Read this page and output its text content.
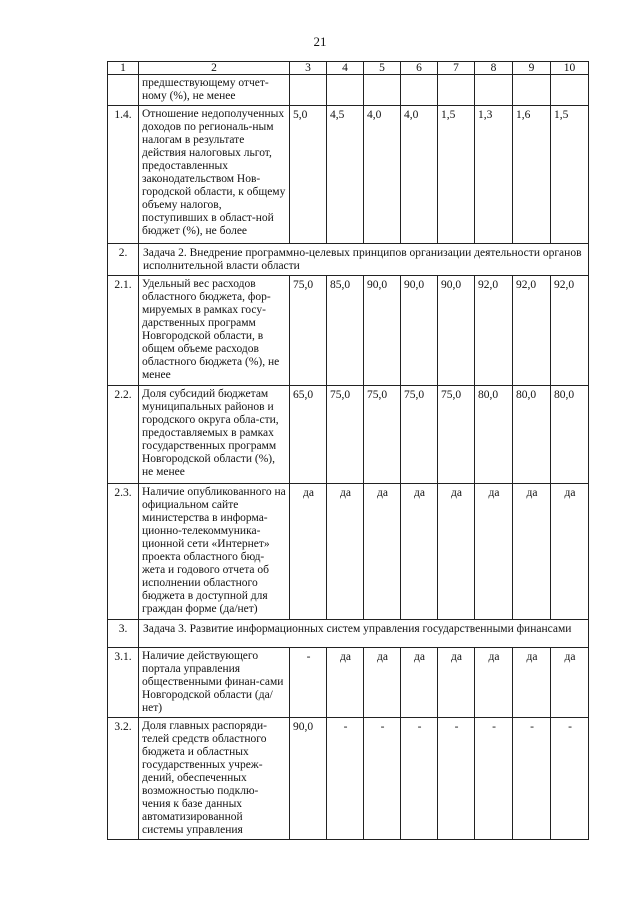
21
1	2	3	4	5	6	7	8	9	10
	предшествующему отчет-ному (%), не менее								
1.4.	Отношение недополученных доходов по региональ-ным налогам в результате действия налоговых льгот, предоставленных законодательством Нов-городской области, к общему объему налогов, поступивших в област-ной бюджет (%), не более	5,0	4,5	4,0	4,0	1,5	1,3	1,6	1,5
2.	Задача 2. Внедрение программно-целевых принципов организации деятельности органов исполнительной власти области								
2.1.	Удельный вес расходов областного бюджета, фор-мируемых в рамках госу-дарственных программ Новгородской области, в общем объеме расходов областного бюджета (%), не менее	75,0	85,0	90,0	90,0	90,0	92,0	92,0	92,0
2.2.	Доля субсидий бюджетам муниципальных районов и городского округа обла-сти, предоставляемых в рамках государственных программ Новгородской области (%), не менее	65,0	75,0	75,0	75,0	75,0	80,0	80,0	80,0
2.3.	Наличие опубликованного на официальном сайте министерства в информа-ционно-телекоммуника-ционной сети «Интернет» проекта областного бюд-жета и годового отчета об исполнении областного бюджета в доступной для граждан форме (да/нет)	да	да	да	да	да	да	да	да
3.	Задача 3. Развитие информационных систем управления государственными финансами								
3.1.	Наличие действующего портала управления общественными финан-сами Новгородской области (да/нет)	-	да	да	да	да	да	да	да
3.2.	Доля главных распоряди-телей средств областного бюджета и областных государственных учреж-дений, обеспеченных возможностью подклю-чения к базе данных автоматизированной системы управления	90,0	-	-	-	-	-	-	-
